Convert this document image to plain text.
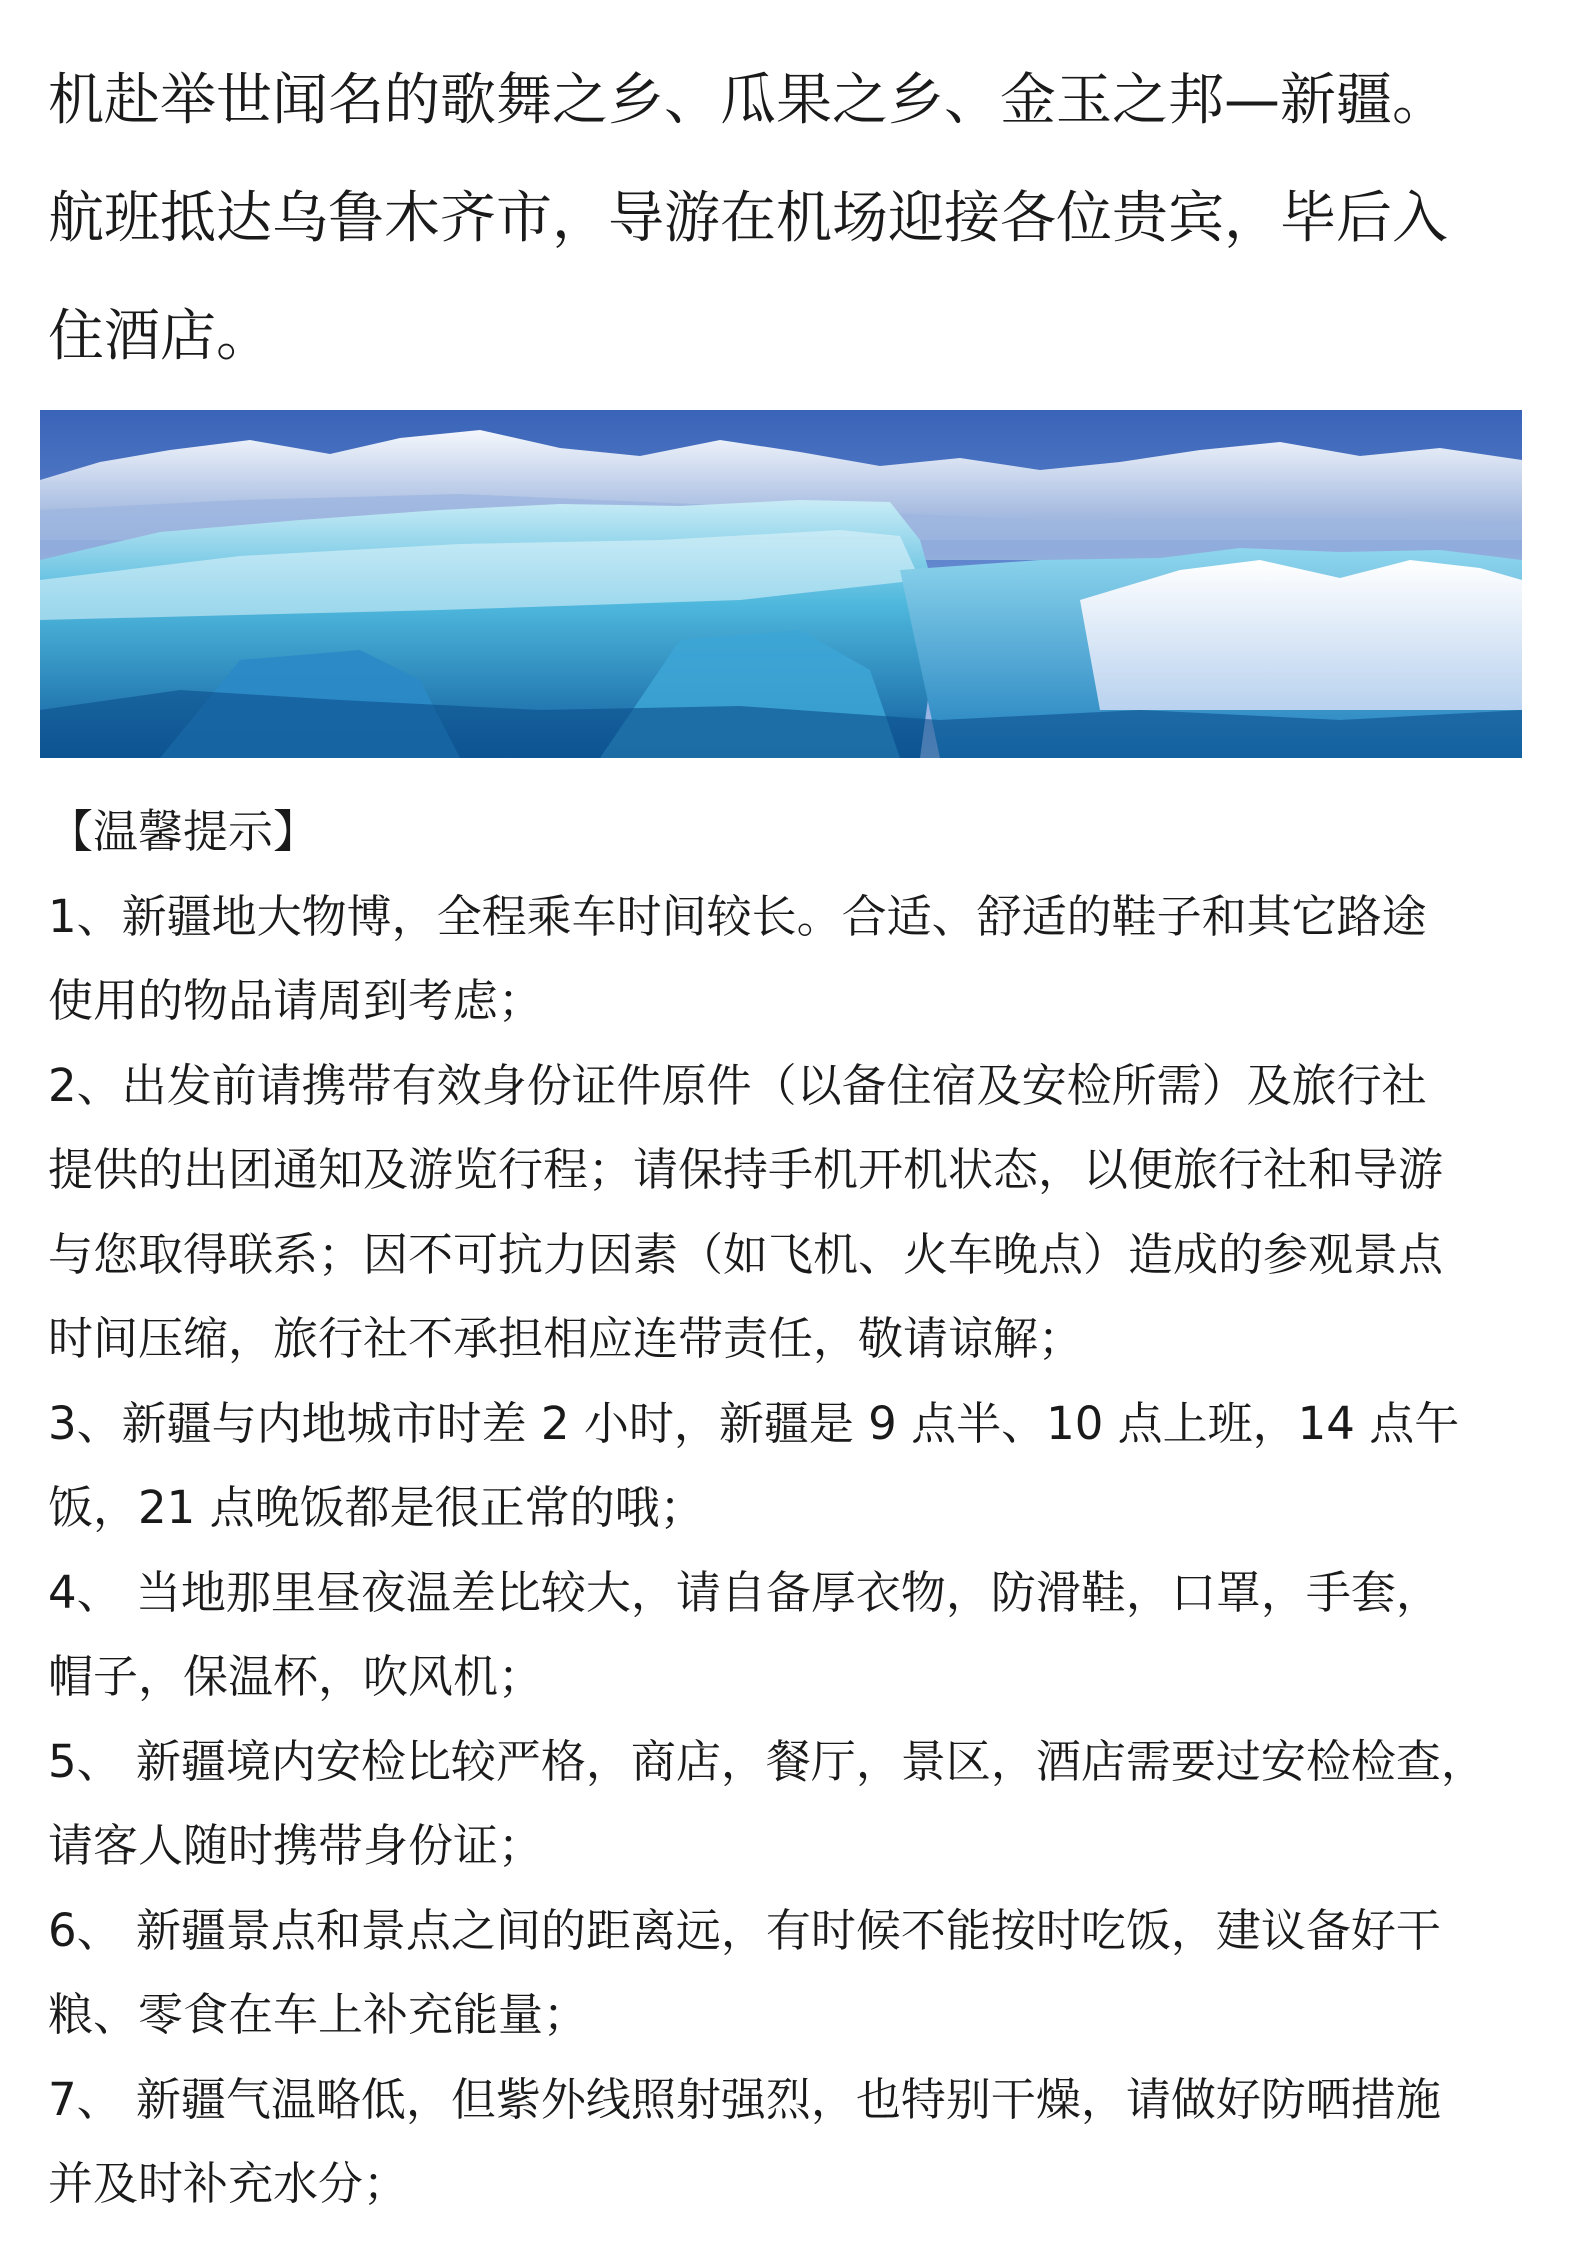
机赴举世闻名的歌舞之乡、瓜果之乡、金玉之邦—新疆。

航班抵达乌鲁木齐市，导游在机场迎接各位贵宾，毕后入

住酒店。

【温馨提示】

1、新疆地大物博，全程乘车时间较长。合适、舒适的鞋子和其它路途

使用的物品请周到考虑；

2、出发前请携带有效身份证件原件（以备住宿及安检所需）及旅行社

提供的出团通知及游览行程；请保持手机开机状态，以便旅行社和导游

与您取得联系；因不可抗力因素（如飞机、火车晚点）造成的参观景点

时间压缩，旅行社不承担相应连带责任，敬请谅解；

3、新疆与内地城市时差 2 小时，新疆是 9 点半、10 点上班，14 点午

饭，21 点晚饭都是很正常的哦；

4、 当地那里昼夜温差比较大，请自备厚衣物，防滑鞋，口罩，手套，

帽子，保温杯，吹风机；

5、 新疆境内安检比较严格，商店，餐厅，景区，酒店需要过安检检查，

请客人随时携带身份证；

6、 新疆景点和景点之间的距离远，有时候不能按时吃饭，建议备好干

粮、零食在车上补充能量；

7、 新疆气温略低，但紫外线照射强烈，也特别干燥，请做好防晒措施

并及时补充水分；
